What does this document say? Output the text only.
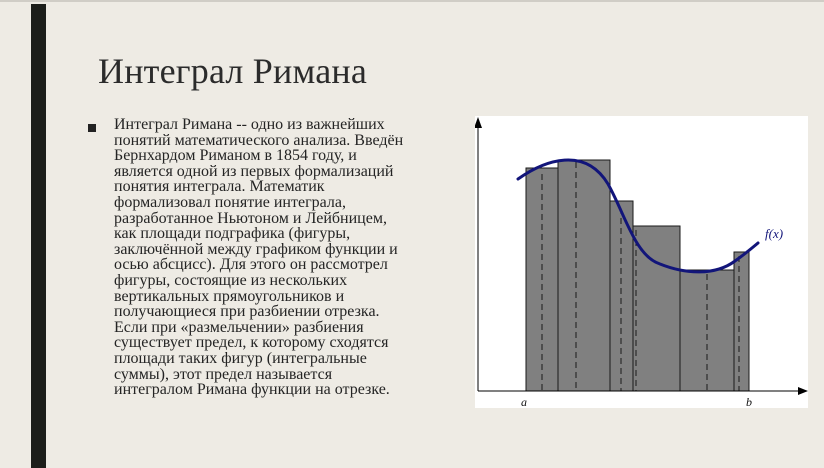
Интеграл Римана
Интеграл Римана -- одно из важнейших
понятий математического анализа. Введён
Бернхардом Риманом в 1854 году, и
является одной из первых формализаций
понятия интеграла. Математик
формализовал понятие интеграла,
разработанное Ньютоном и Лейбницем,
как площади подграфика (фигуры,
заключённой между графиком функции и
осью абсцисс). Для этого он рассмотрел
фигуры, состоящие из нескольких
вертикальных прямоугольников и
получающиеся при разбиении отрезка.
Если при «размельчении» разбиения
существует предел, к которому сходятся
площади таких фигур (интегральные
суммы), этот предел называется
интегралом Римана функции на отрезке.
a	b
f(x)
